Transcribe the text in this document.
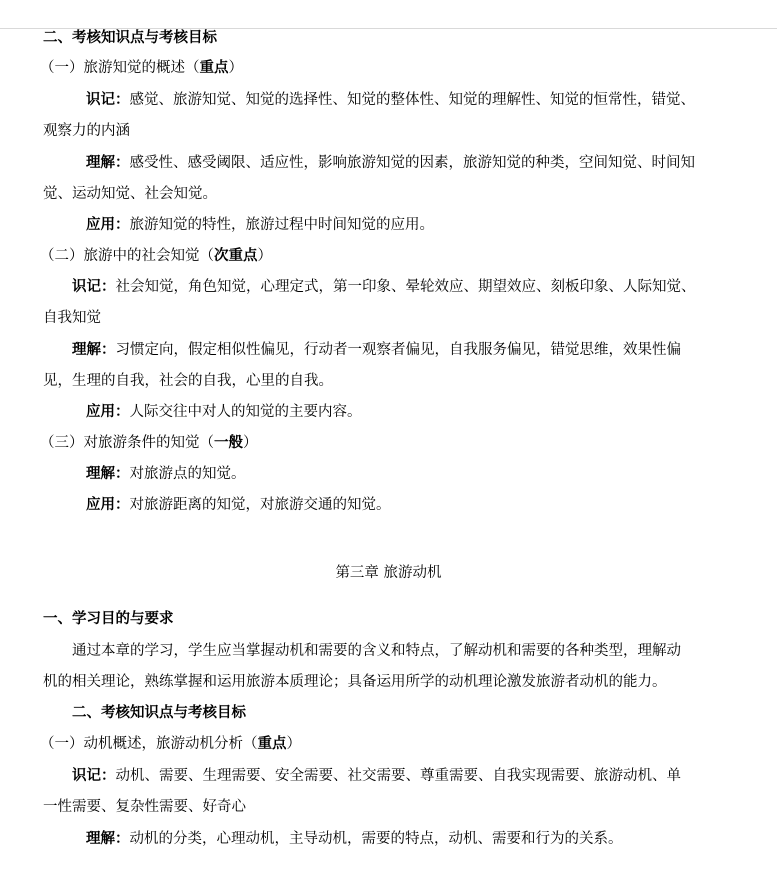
二、考核知识点与考核目标
（一）旅游知觉的概述（重点）
识记：感觉、旅游知觉、知觉的选择性、知觉的整体性、知觉的理解性、知觉的恒常性，错觉、
观察力的内涵
理解：感受性、感受阈限、适应性，影响旅游知觉的因素，旅游知觉的种类，空间知觉、时间知
觉、运动知觉、社会知觉。
应用：旅游知觉的特性，旅游过程中时间知觉的应用。
（二）旅游中的社会知觉（次重点）
识记：社会知觉，角色知觉，心理定式，第一印象、晕轮效应、期望效应、刻板印象、人际知觉、
自我知觉
理解：习惯定向，假定相似性偏见，行动者一观察者偏见，自我服务偏见，错觉思维，效果性偏
见，生理的自我，社会的自我，心里的自我。
应用：人际交往中对人的知觉的主要内容。
（三）对旅游条件的知觉（一般）
理解：对旅游点的知觉。
应用：对旅游距离的知觉，对旅游交通的知觉。
第三章 旅游动机
一、学习目的与要求
通过本章的学习，学生应当掌握动机和需要的含义和特点，了解动机和需要的各种类型，理解动
机的相关理论，熟练掌握和运用旅游本质理论；具备运用所学的动机理论激发旅游者动机的能力。
二、考核知识点与考核目标
（一）动机概述，旅游动机分析（重点）
识记：动机、需要、生理需要、安全需要、社交需要、尊重需要、自我实现需要、旅游动机、单
一性需要、复杂性需要、好奇心
理解：动机的分类，心理动机，主导动机，需要的特点，动机、需要和行为的关系。
